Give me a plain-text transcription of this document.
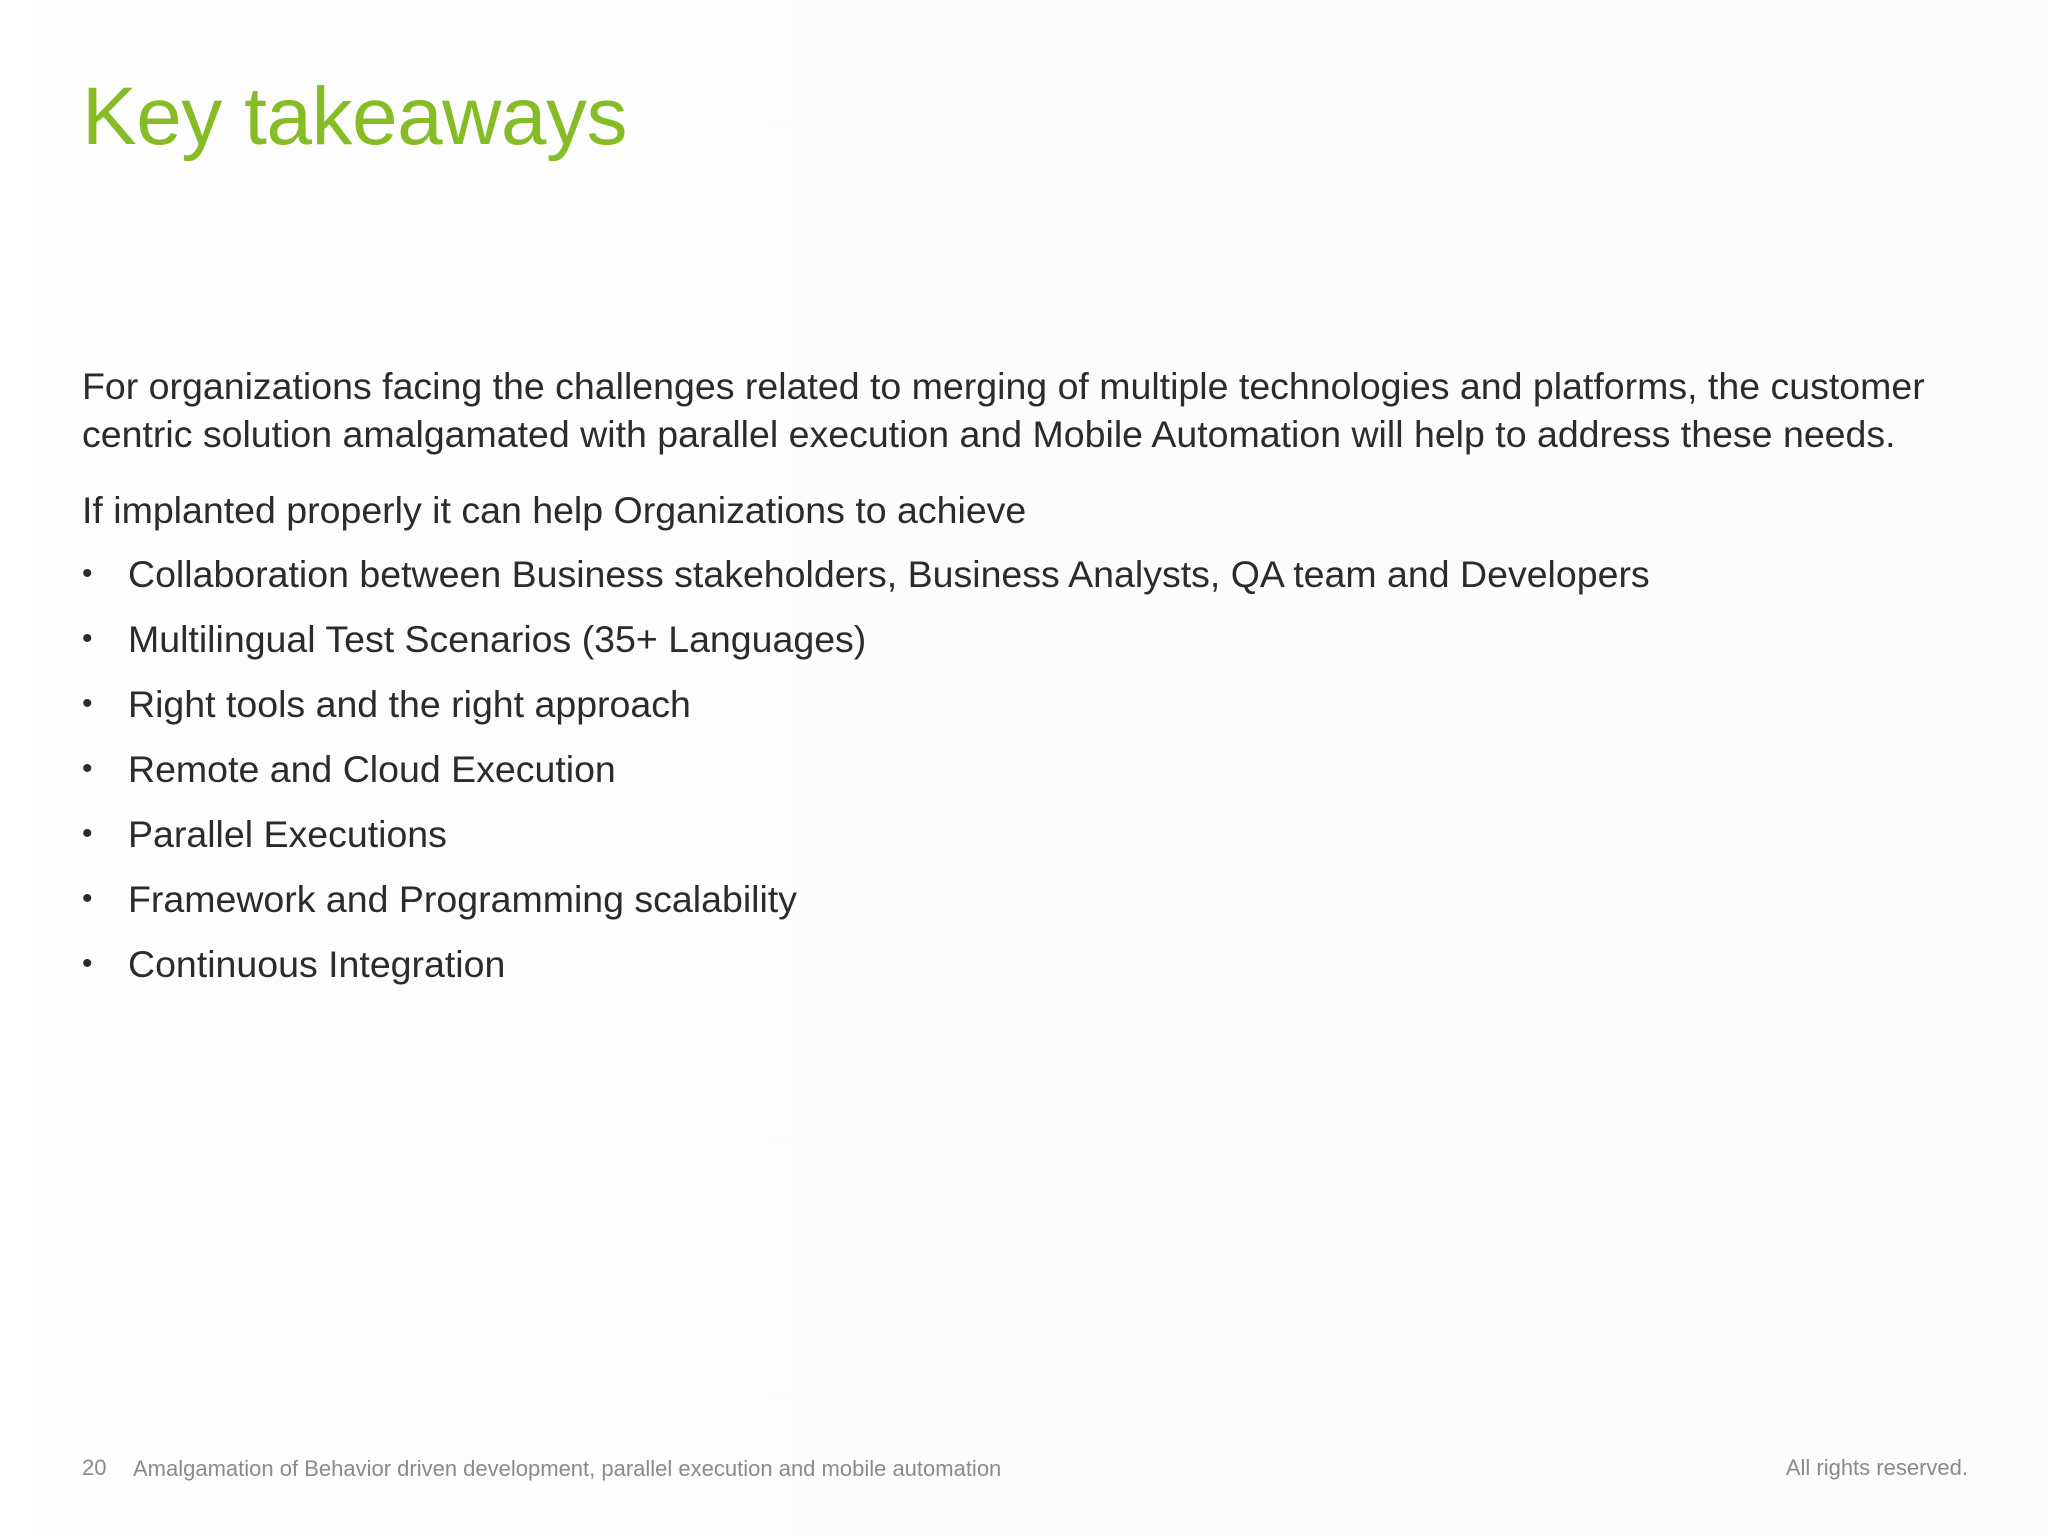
Key takeaways

For organizations facing the challenges related to merging of multiple technologies and platforms, the customer centric solution amalgamated with parallel execution and Mobile Automation will help to address these needs.

If implanted properly it can help Organizations to achieve

• Collaboration between Business stakeholders, Business Analysts, QA team and Developers
• Multilingual Test Scenarios (35+ Languages)
• Right tools and the right approach
• Remote and Cloud Execution
• Parallel Executions
• Framework and Programming scalability
• Continuous Integration
20 Amalgamation of Behavior driven development, parallel execution and mobile automation	All rights reserved.
